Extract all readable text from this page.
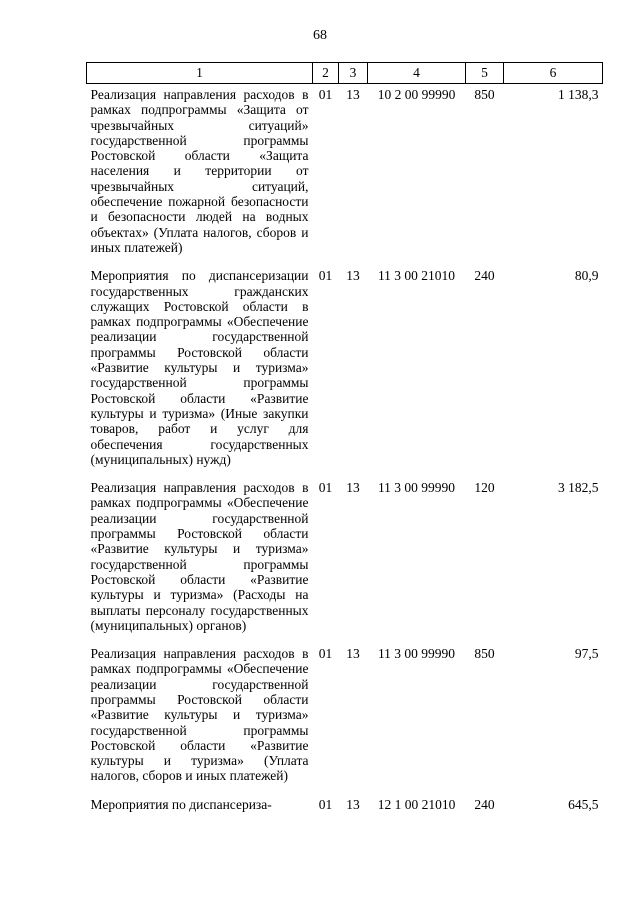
68
1	2	3	4	5	6
Реализация направления расходов в рамках подпрограммы «Защита от чрезвычайных ситуаций» государственной программы Ростовской области «Защита населения и территории от чрезвычайных ситуаций, обеспечение пожарной безопасности и безопасности людей на водных объектах» (Уплата налогов, сборов и иных платежей)	01	13	10 2 00 99990	850	1 138,3
Мероприятия по диспансеризации государственных гражданских служащих Ростовской области в рамках подпрограммы «Обеспечение реализации государственной программы Ростовской области «Развитие культуры и туризма» государственной программы Ростовской области «Развитие культуры и туризма» (Иные закупки товаров, работ и услуг для обеспечения государственных (муниципальных) нужд)	01	13	11 3 00 21010	240	80,9
Реализация направления расходов в рамках подпрограммы «Обеспечение реализации государственной программы Ростовской области «Развитие культуры и туризма» государственной программы Ростовской области «Развитие культуры и туризма» (Расходы на выплаты персоналу государственных (муниципальных) органов)	01	13	11 3 00 99990	120	3 182,5
Реализация направления расходов в рамках подпрограммы «Обеспечение реализации государственной программы Ростовской области «Развитие культуры и туризма» государственной программы Ростовской области «Развитие культуры и туризма» (Уплата налогов, сборов и иных платежей)	01	13	11 3 00 99990	850	97,5
Мероприятия по диспансериза-	01	13	12 1 00 21010	240	645,5
